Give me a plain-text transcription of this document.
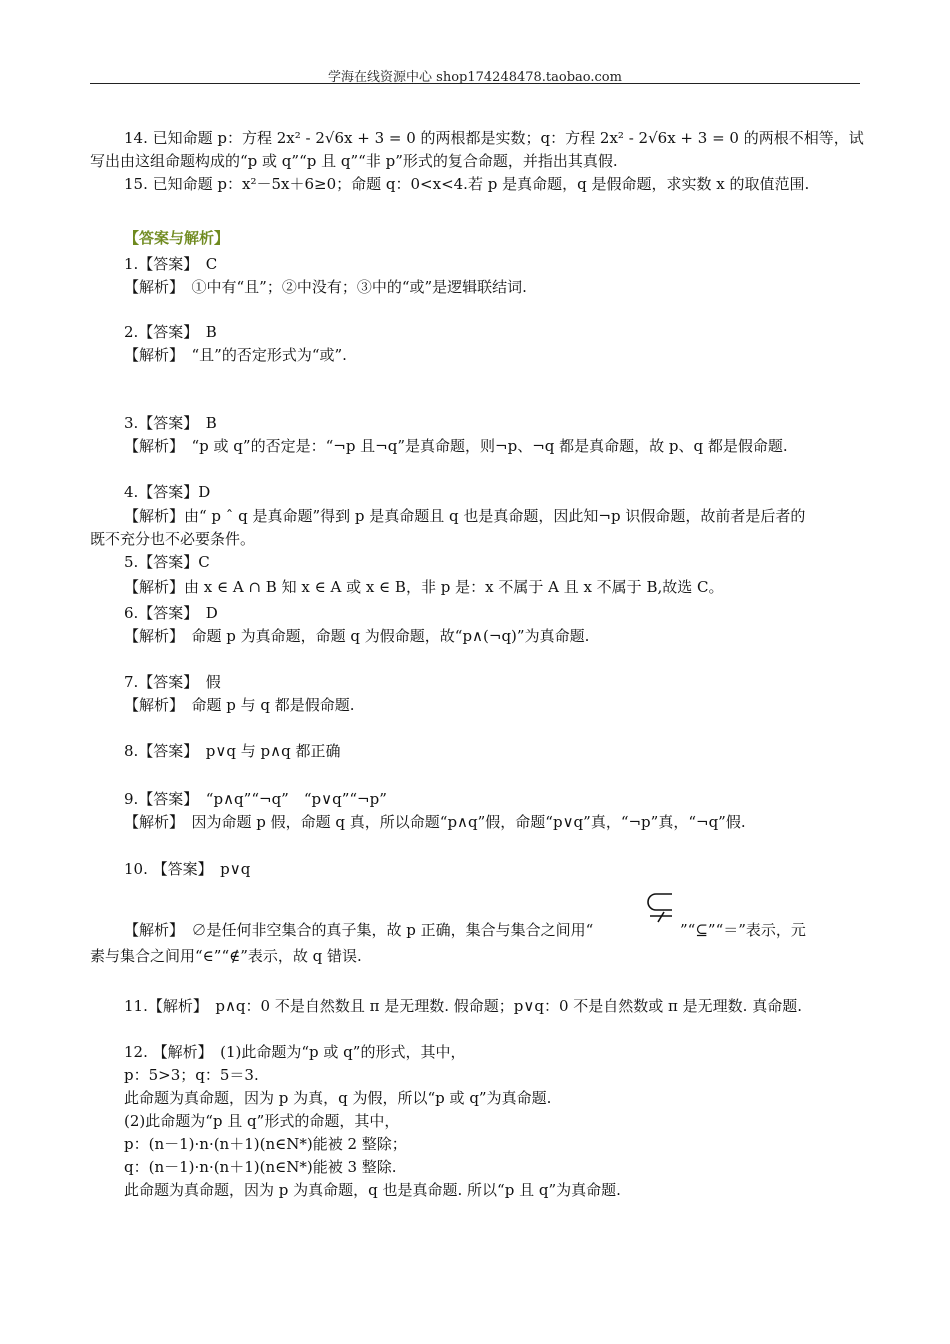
学海在线资源中心 shop174248478.taobao.com
14. 已知命题 p：方程 2x² - 2√6x + 3 = 0 的两根都是实数；q：方程 2x² - 2√6x + 3 = 0 的两根不相等，试
写出由这组命题构成的“p 或 q”“p 且 q”“非 p”形式的复合命题，并指出其真假.
15. 已知命题 p：x²－5x＋6≥0；命题 q：0<x<4.若 p 是真命题，q 是假命题，求实数 x 的取值范围.
【答案与解析】
1.【答案】　C
【解析】　①中有“且”；②中没有；③中的“或”是逻辑联结词.
2.【答案】　B
【解析】　“且”的否定形式为“或”.
3.【答案】　B
【解析】　“p 或 q”的否定是：“¬p 且¬q”是真命题，则¬p、¬q 都是真命题，故 p、q 都是假命题.
4.【答案】D
【解析】由“ p ˆ q 是真命题”得到 p 是真命题且 q 也是真命题，因此知¬p 识假命题，故前者是后者的
既不充分也不必要条件。
5.【答案】C
【解析】由 x ∈ A ∩ B 知 x ∈ A 或 x ∈ B，非 p 是：x 不属于 A 且 x 不属于 B,故选 C。
6.【答案】　D
【解析】　命题 p 为真命题，命题 q 为假命题，故“p∧(¬q)”为真命题.
7.【答案】　假
【解析】　命题 p 与 q 都是假命题.
8.【答案】　p∨q 与 p∧q 都正确
9.【答案】　“p∧q”“¬q”　“p∨q”“¬p”
【解析】　因为命题 p 假，命题 q 真，所以命题“p∧q”假，命题“p∨q”真，“¬p”真，“¬q”假.
10. 【答案】　p∨q
【解析】　∅是任何非空集合的真子集，故 p 正确，集合与集合之间用“	”“⊆”“＝”表示，元
素与集合之间用“∈”“∉”表示，故 q 错误.
11.【解析】　p∧q：0 不是自然数且 π 是无理数. 假命题；p∨q：0 不是自然数或 π 是无理数. 真命题.
12. 【解析】　(1)此命题为“p 或 q”的形式，其中，
p：5>3；q：5＝3.
此命题为真命题，因为 p 为真，q 为假，所以“p 或 q”为真命题.
(2)此命题为“p 且 q”形式的命题，其中，
p：(n－1)·n·(n＋1)(n∈N*)能被 2 整除；
q：(n－1)·n·(n＋1)(n∈N*)能被 3 整除.
此命题为真命题，因为 p 为真命题，q 也是真命题. 所以“p 且 q”为真命题.
